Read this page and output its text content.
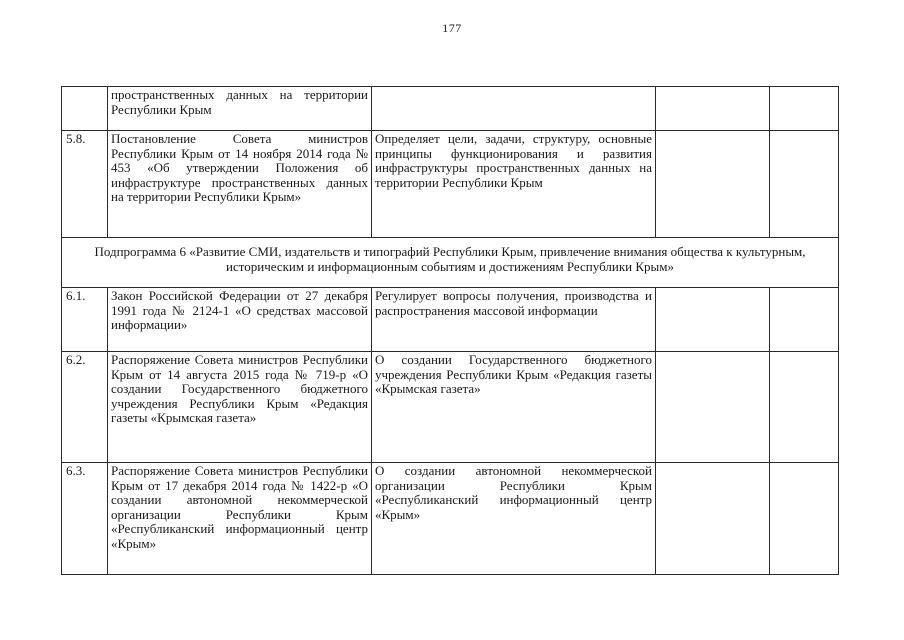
177
	пространственных данных на территории Республики Крым			
5.8.	Постановление Совета министров Республики Крым от 14 ноября 2014 года № 453 «Об утверждении Положения об инфраструктуре пространственных данных на территории Республики Крым»	Определяет цели, задачи, структуру, основные принципы функционирования и развития инфраструктуры пространственных данных на территории Республики Крым		
Подпрограмма 6 «Развитие СМИ, издательств и типографий Республики Крым, привлечение внимания общества к культурным, историческим и информационным событиям и достижениям Республики Крым»				
6.1.	Закон Российской Федерации от 27 декабря 1991 года № 2124-1 «О средствах массовой информации»	Регулирует вопросы получения, производства и распространения массовой информации		
6.2.	Распоряжение Совета министров Республики Крым от 14 августа 2015 года № 719-р «О создании Государственного бюджетного учреждения Республики Крым «Редакция газеты «Крымская газета»	О создании Государственного бюджетного учреждения Республики Крым «Редакция газеты «Крымская газета»		
6.3.	Распоряжение Совета министров Республики Крым от 17 декабря 2014 года № 1422-р «О создании автономной некоммерческой организации Республики Крым «Республиканский информационный центр «Крым»	О создании автономной некоммерческой организации Республики Крым «Республиканский информационный центр «Крым»		
